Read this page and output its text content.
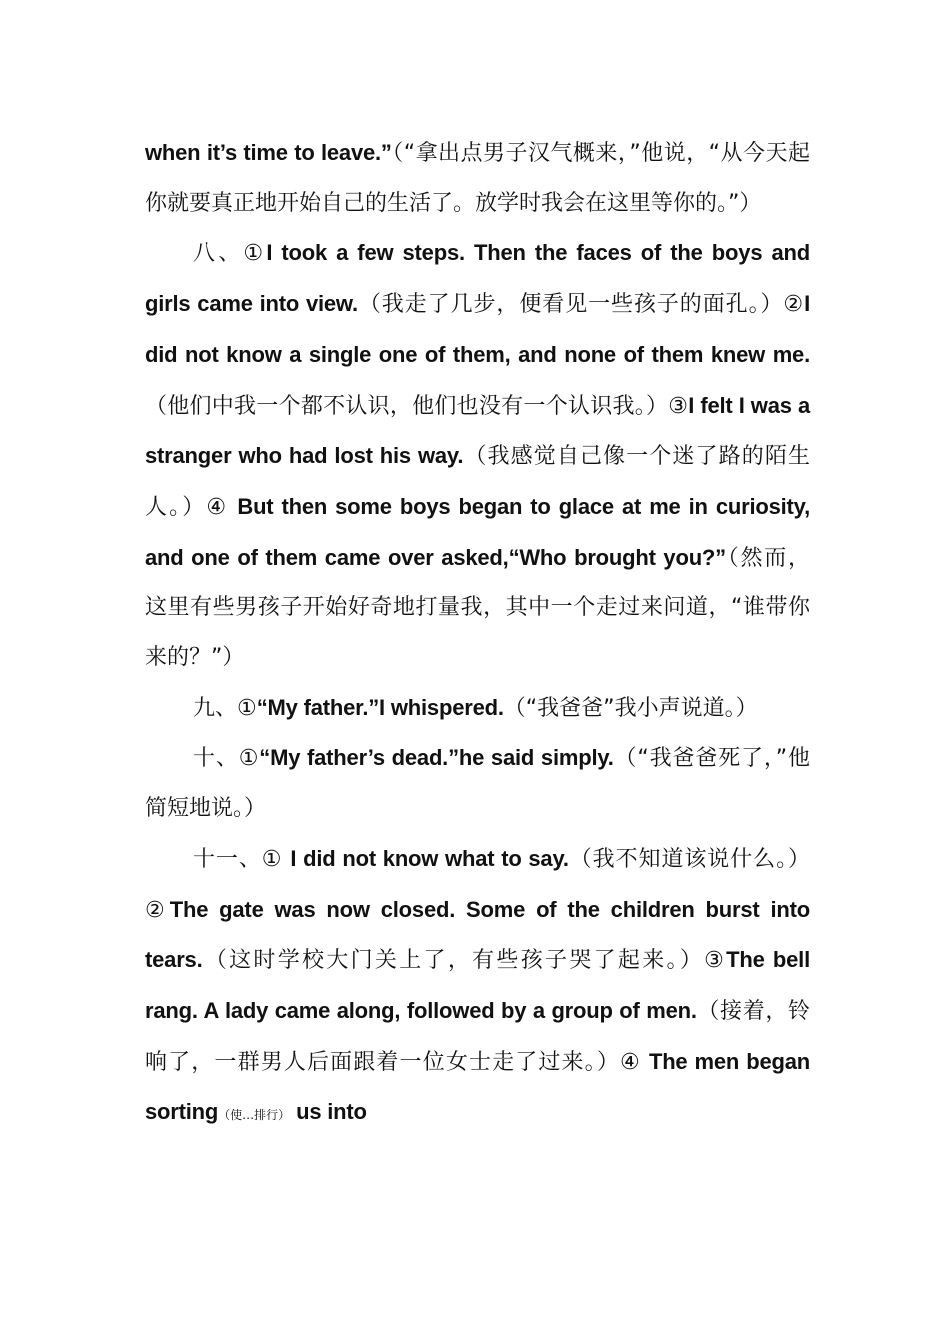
when it’s time to leave.”（“拿出点男子汉气概来，”他说，“从今天起你就要真正地开始自己的生活了。放学时我会在这里等你的。”）

八、①I took a few steps. Then the faces of the boys and girls came into view.（我走了几步，便看见一些孩子的面孔。）②I did not know a single one of them, and none of them knew me.（他们中我一个都不认识，他们也没有一个认识我。）③I felt I was a stranger who had lost his way.（我感觉自己像一个迷了路的陌生人。）④ But then some boys began to glace at me in curiosity, and one of them came over asked,“Who brought you?”（然而，这里有些男孩子开始好奇地打量我，其中一个走过来问道，“谁带你来的？”）

九、①“My father.”I whispered.（“我爸爸”我小声说道。）

十、①“My father’s dead.”he said simply.（“我爸爸死了，”他简短地说。）

十一、① I did not know what to say.（我不知道该说什么。）②The gate was now closed. Some of the children burst into tears.（这时学校大门关上了，有些孩子哭了起来。）③The bell rang. A lady came along, followed by a group of men.（接着，铃响了，一群男人后面跟着一位女士走了过来。）④ The men began sorting（使…排行） us into
